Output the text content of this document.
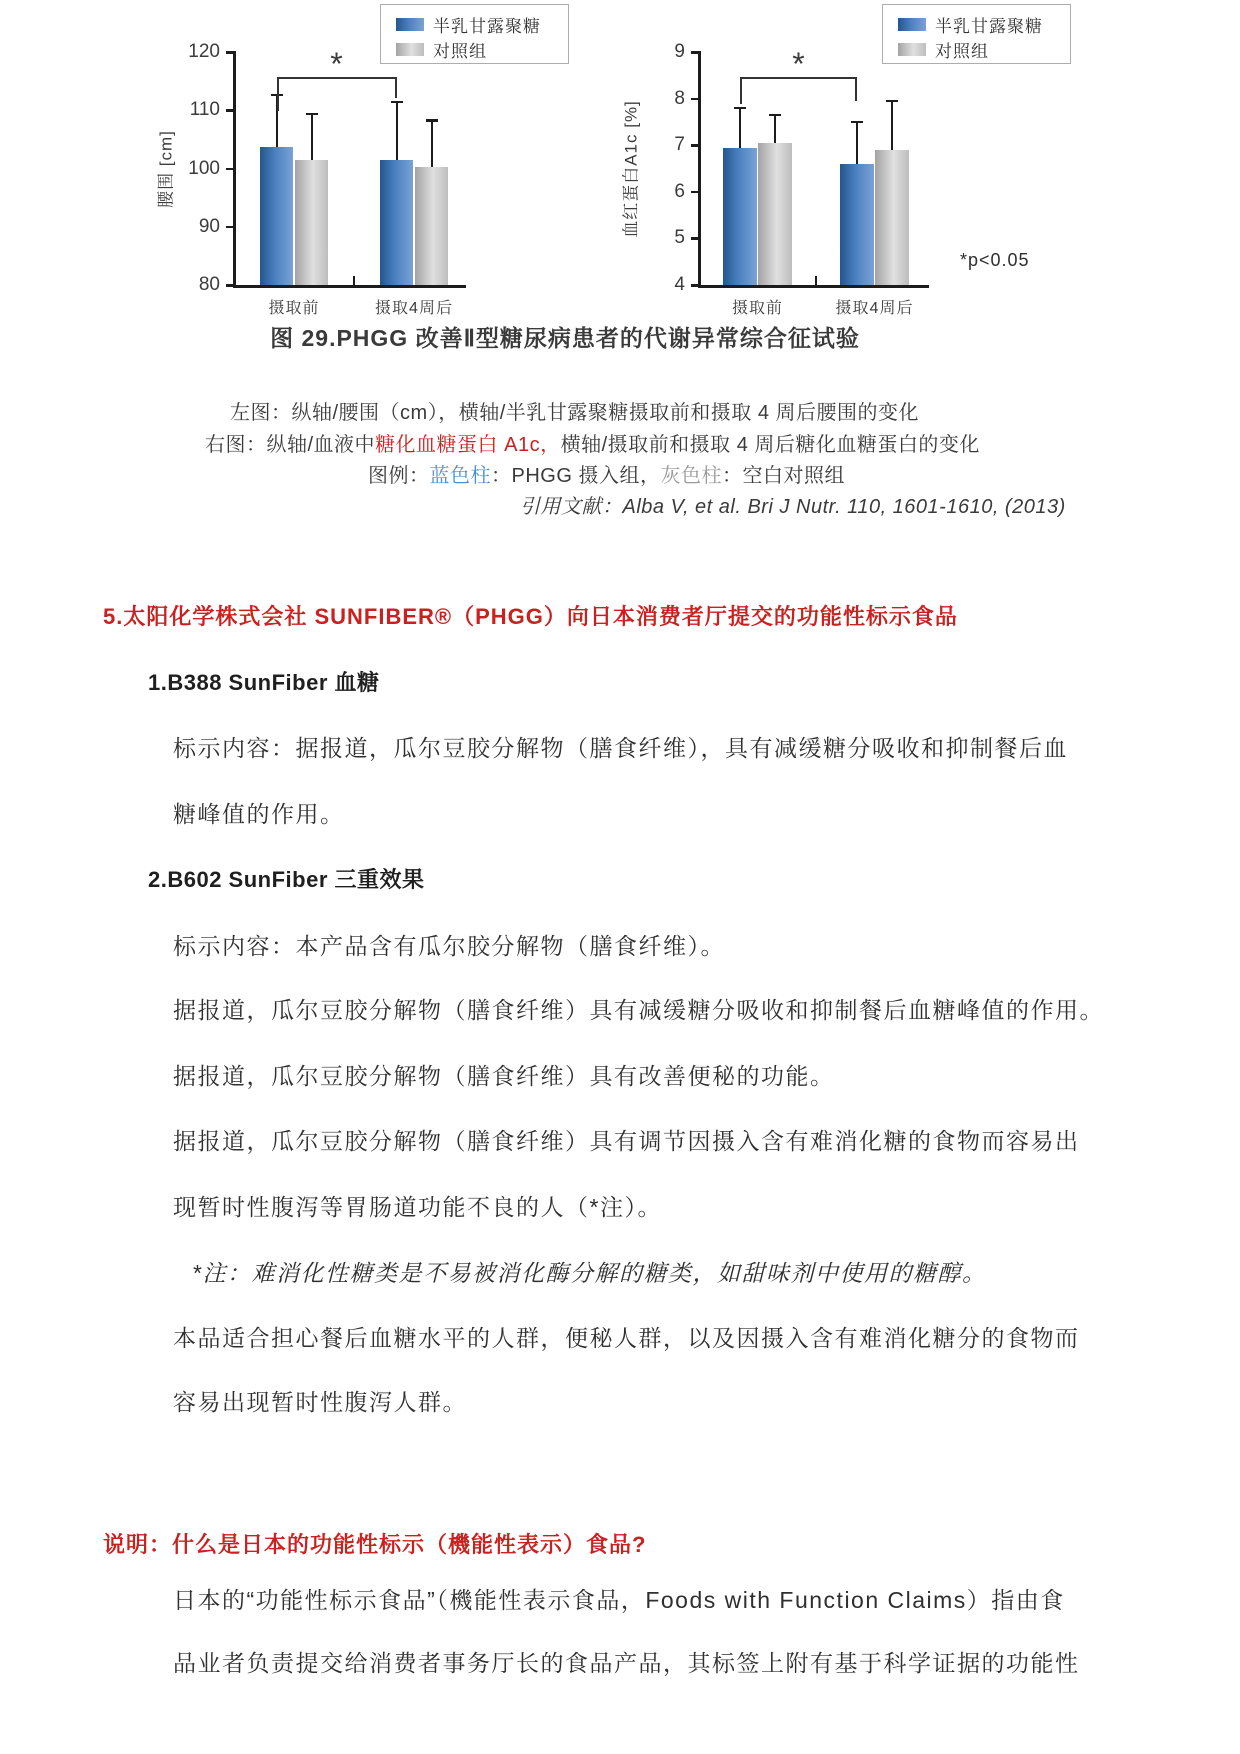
120
110
100
90
80
腰围 [cm]
摄取前	摄取4周后
*
半乳甘露聚糖
对照组	9
8
7
6
5
4
血红蛋白A1c [%]
摄取前	摄取4周后
*
半乳甘露聚糖
对照组
*p<0.05
图 29.PHGG 改善Ⅱ型糖尿病患者的代谢异常综合征试验

左图：纵轴/腰围（cm），横轴/半乳甘露聚糖摄取前和摄取 4 周后腰围的变化

右图：纵轴/血液中糖化血糖蛋白 A1c，横轴/摄取前和摄取 4 周后糖化血糖蛋白的变化

图例：蓝色柱：PHGG 摄入组，灰色柱：空白对照组

引用文献：Alba V, et al. Bri J Nutr. 110, 1601-1610, (2013)

5.太阳化学株式会社 SUNFIBER®（PHGG）向日本消费者厅提交的功能性标示食品
1.B388 SunFiber 血糖

标示内容：据报道，瓜尔豆胶分解物（膳食纤维），具有减缓糖分吸收和抑制餐后血

糖峰值的作用。

2.B602 SunFiber 三重效果

标示内容：本产品含有瓜尔胶分解物（膳食纤维）。

据报道，瓜尔豆胶分解物（膳食纤维）具有减缓糖分吸收和抑制餐后血糖峰值的作用。

据报道，瓜尔豆胶分解物（膳食纤维）具有改善便秘的功能。

据报道，瓜尔豆胶分解物（膳食纤维）具有调节因摄入含有难消化糖的食物而容易出

现暂时性腹泻等胃肠道功能不良的人（*注）。

*注：难消化性糖类是不易被消化酶分解的糖类，如甜味剂中使用的糖醇。

本品适合担心餐后血糖水平的人群，便秘人群，以及因摄入含有难消化糖分的食物而

容易出现暂时性腹泻人群。

说明：什么是日本的功能性标示（機能性表示）食品?

日本的“功能性标示食品”（機能性表示食品，Foods with Function Claims）指由食

品业者负责提交给消费者事务厅长的食品产品，其标签上附有基于科学证据的功能性
